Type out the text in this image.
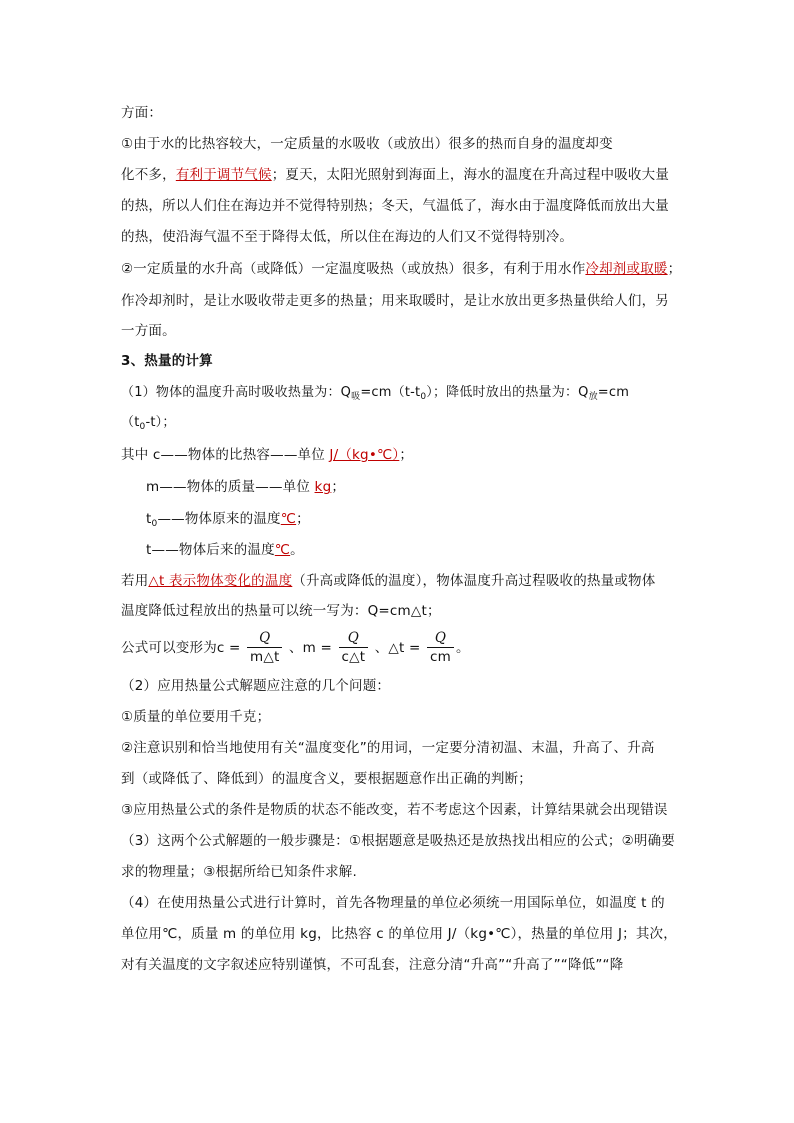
方面：
①由于水的比热容较大，一定质量的水吸收（或放出）很多的热而自身的温度却变
化不多，有利于调节气候；夏天，太阳光照射到海面上，海水的温度在升高过程中吸收大量
的热，所以人们住在海边并不觉得特别热；冬天，气温低了，海水由于温度降低而放出大量
的热，使沿海气温不至于降得太低，所以住在海边的人们又不觉得特别冷。
②一定质量的水升高（或降低）一定温度吸热（或放热）很多，有利于用水作冷却剂或取暖；
作冷却剂时，是让水吸收带走更多的热量；用来取暖时，是让水放出更多热量供给人们，另
一方面。
3、热量的计算
（1）物体的温度升高时吸收热量为：$Q_吸=cm(t-t_0)$；降低时放出的热量为：$Q_放=cm$
$(t_0-t)$；
其中 c——物体的比热容——单位 J/（kg•℃）；
m——物体的质量——单位 kg；
$t_0——$物体原来的温度℃；
t——物体后来的温度℃。
若用△t 表示物体变化的温度（升高或降低的温度），物体温度升高过程吸收的热量或物体
温度降低过程放出的热量可以统一写为：Q=cm△t；
公式可以变形为$c = \frac{Q}{m\triangle t}$ 、$m = \frac{Q}{c\triangle t}$ 、△t = $\frac{Q}{cm}$ 。
（2）应用热量公式解题应注意的几个问题：
①质量的单位要用千克；
②注意识别和恰当地使用有关“温度变化”的用词，一定要分清初温、末温，升高了、升高
到（或降低了、降低到）的温度含义，要根据题意作出正确的判断；
③应用热量公式的条件是物质的状态不能改变，若不考虑这个因素，计算结果就会出现错误
（3）这两个公式解题的一般步骤是：①根据题意是吸热还是放热找出相应的公式；②明确要
求的物理量；③根据所给已知条件求解.
（4）在使用热量公式进行计算时，首先各物理量的单位必须统一用国际单位，如温度 t 的
单位用℃，质量 m 的单位用 kg，比热容 c 的单位用 J/（kg•℃），热量的单位用 J；其次，
对有关温度的文字叙述应特别谨慎，不可乱套，注意分清“升高”“升高了”“降低”“降
